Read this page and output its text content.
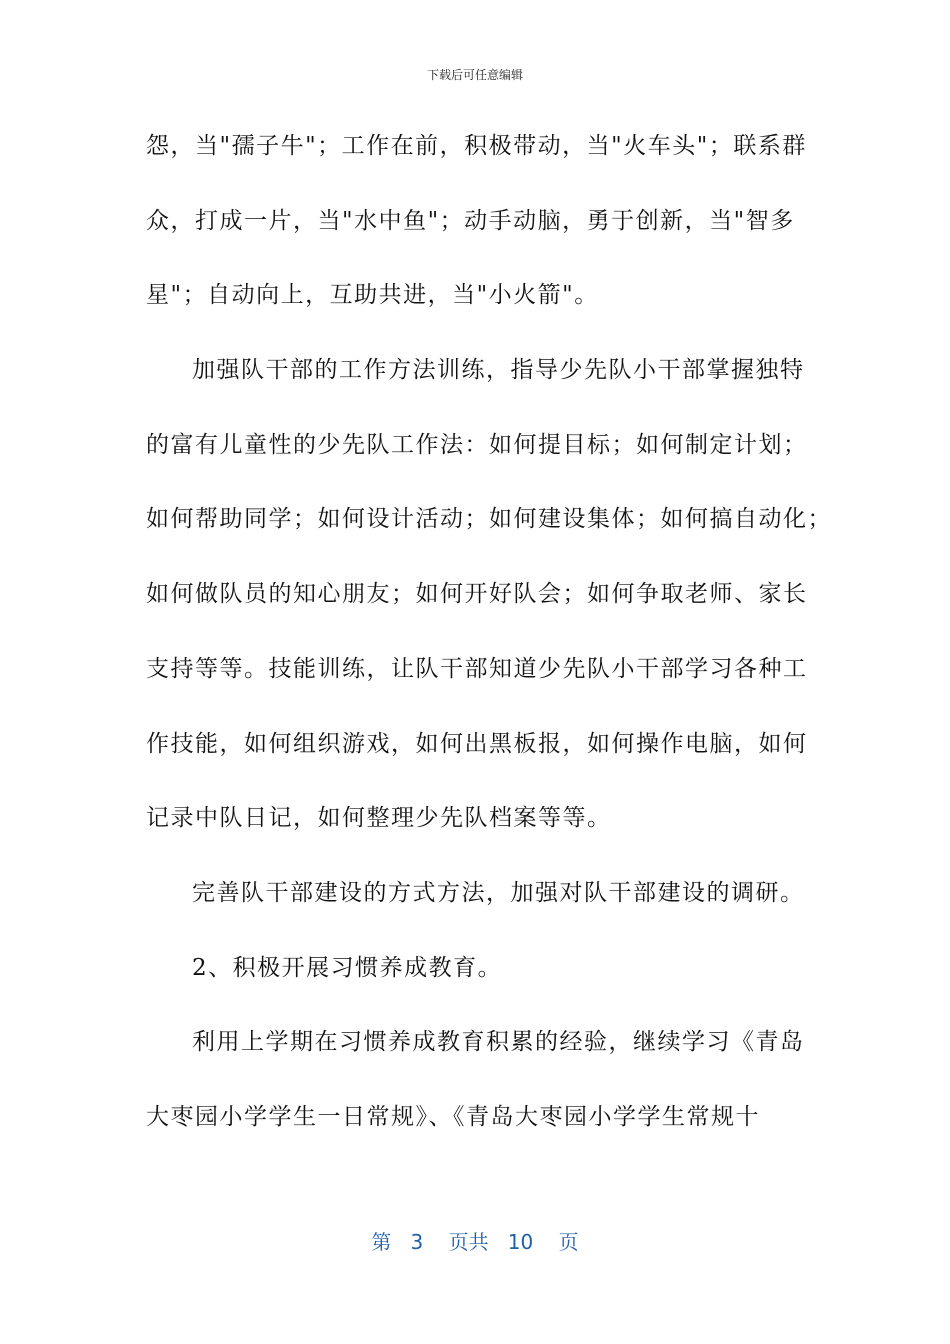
下载后可任意编辑
怨，当"孺子牛"；工作在前，积极带动，当"火车头"；联系群
众，打成一片，当"水中鱼"；动手动脑，勇于创新，当"智多
星"；自动向上，互助共进，当"小火箭"。
加强队干部的工作方法训练，指导少先队小干部掌握独特
的富有儿童性的少先队工作法：如何提目标；如何制定计划；
如何帮助同学；如何设计活动；如何建设集体；如何搞自动化；
如何做队员的知心朋友；如何开好队会；如何争取老师、家长
支持等等。技能训练，让队干部知道少先队小干部学习各种工
作技能，如何组织游戏，如何出黑板报，如何操作电脑，如何
记录中队日记，如何整理少先队档案等等。
完善队干部建设的方式方法，加强对队干部建设的调研。
2、积极开展习惯养成教育。
利用上学期在习惯养成教育积累的经验，继续学习《青岛
大枣园小学学生一日常规》、《青岛大枣园小学学生常规十
第 3 页共 10 页
